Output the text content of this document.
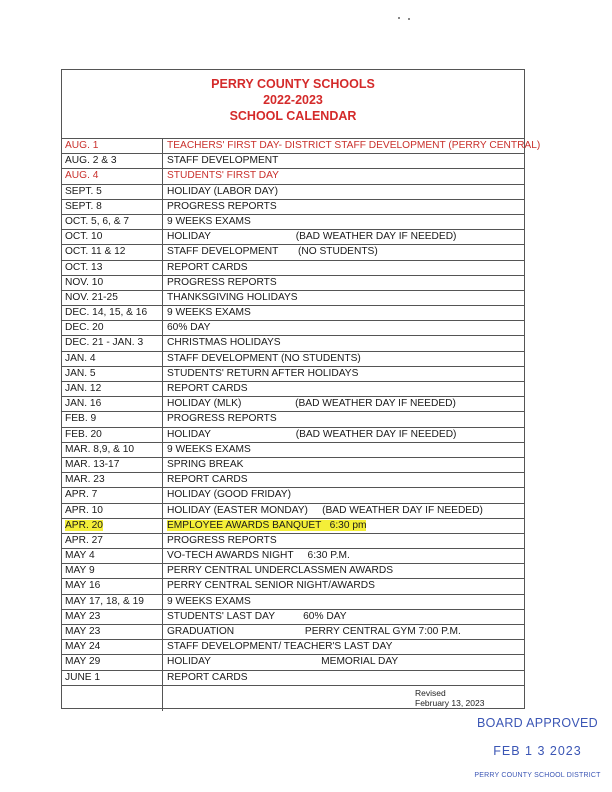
PERRY COUNTY SCHOOLS
2022-2023
SCHOOL CALENDAR
AUG. 1	TEACHERS' FIRST DAY- DISTRICT STAFF DEVELOPMENT (PERRY CENTRAL)
AUG. 2 & 3	STAFF DEVELOPMENT
AUG. 4	STUDENTS' FIRST DAY
SEPT. 5	HOLIDAY (LABOR DAY)
SEPT. 8	PROGRESS REPORTS
OCT. 5, 6, & 7	9 WEEKS EXAMS
OCT. 10	HOLIDAY                              (BAD WEATHER DAY IF NEEDED)
OCT. 11 & 12	STAFF DEVELOPMENT       (NO STUDENTS)
OCT. 13	REPORT CARDS
NOV. 10	PROGRESS REPORTS
NOV. 21-25	THANKSGIVING HOLIDAYS
DEC. 14, 15, & 16	9 WEEKS EXAMS
DEC. 20	60% DAY
DEC. 21 - JAN. 3	CHRISTMAS HOLIDAYS
JAN. 4	STAFF DEVELOPMENT (NO STUDENTS)
JAN. 5	STUDENTS' RETURN AFTER HOLIDAYS
JAN. 12	REPORT CARDS
JAN. 16	HOLIDAY (MLK)                   (BAD WEATHER DAY IF NEEDED)
FEB. 9	PROGRESS REPORTS
FEB. 20	HOLIDAY                              (BAD WEATHER DAY IF NEEDED)
MAR. 8,9, & 10	9 WEEKS EXAMS
MAR. 13-17	SPRING BREAK
MAR. 23	REPORT CARDS
APR. 7	HOLIDAY (GOOD FRIDAY)
APR. 10	HOLIDAY (EASTER MONDAY)     (BAD WEATHER DAY IF NEEDED)
APR. 20	EMPLOYEE AWARDS BANQUET   6:30 pm
APR. 27	PROGRESS REPORTS
MAY 4	VO-TECH AWARDS NIGHT     6:30 P.M.
MAY 9	PERRY CENTRAL UNDERCLASSMEN AWARDS
MAY 16	PERRY CENTRAL SENIOR NIGHT/AWARDS
MAY 17, 18, & 19	9 WEEKS EXAMS
MAY 23	STUDENTS' LAST DAY          60% DAY
MAY 23	GRADUATION                         PERRY CENTRAL GYM 7:00 P.M.
MAY 24	STAFF DEVELOPMENT/ TEACHER'S LAST DAY
MAY 29	HOLIDAY                                       MEMORIAL DAY
JUNE 1	REPORT CARDS
Revised
February 13, 2023
BOARD APPROVED
FEB 1 3 2023
PERRY COUNTY SCHOOL DISTRICT
